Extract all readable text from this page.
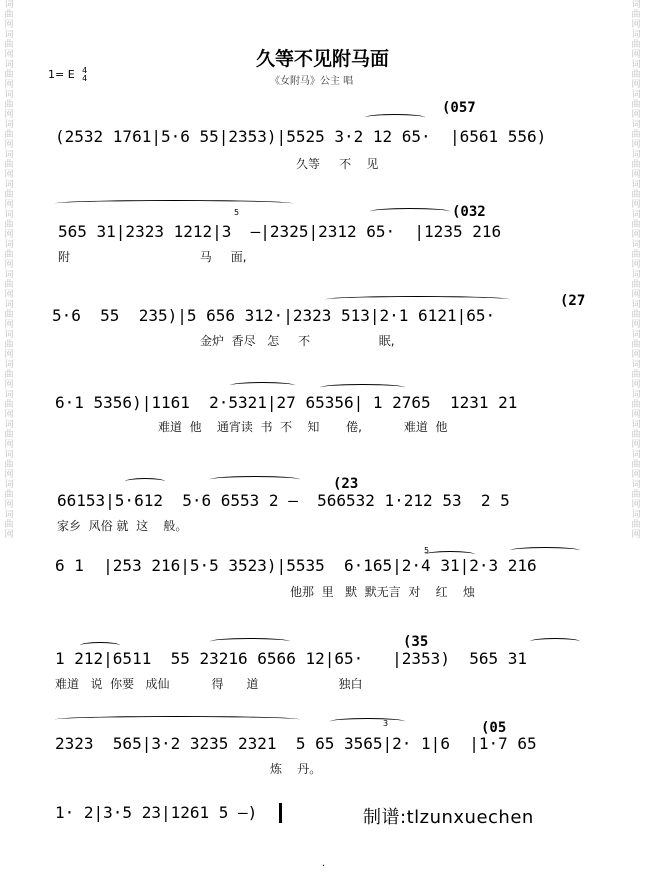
词曲网词曲网词曲网词曲网词曲网词曲网词曲网词曲网词曲网词曲网词曲网词曲网词曲网词曲网词曲网词曲网词曲网词曲网
词曲网词曲网词曲网词曲网词曲网词曲网词曲网词曲网词曲网词曲网词曲网词曲网词曲网词曲网词曲网词曲网词曲网词曲网
久等不见附马面
《女附马》公主 唱
1= E 4
4
(057
(2532 1761|5·6 55|2353)|5525 3·2 12 65·  |6561 556)
久等     不    见
5	(032
565 31|2323 1212|3  —|2325|2312 65·  |1235 216
附                                  马     面,
(27
5·6  55  235)|5 656 312·|2323 513|2·1 6121|65·
金炉  香尽   怎     不                  眠,
6·1 5356)|1161  2·5321|27 65356| 1 2765  1231 21
难道  他    通宵读  书  不    知       倦,           难道  他
(23
66153|5·612  5·6 6553 2 —  566532 1·212 53  2 5
家乡  风俗 就  这    般。
5
6 1  |253 216|5·5 3523)|5535  6·165|2·4 31|2·3 216
他那  里   默  默无言  对    红    烛
(35
1 212|6511  55 23216 6566 12|65·   |2353)  565 31
难道   说  你要   成仙           得      道                     独白
3	(05
2323  565|3·2 3235 2321  5 65 3565|2· 1|6  |1·7 65
炼    丹。
1· 2|3·5 23|1261 5 —)	制谱:tlzunxuechen
.
